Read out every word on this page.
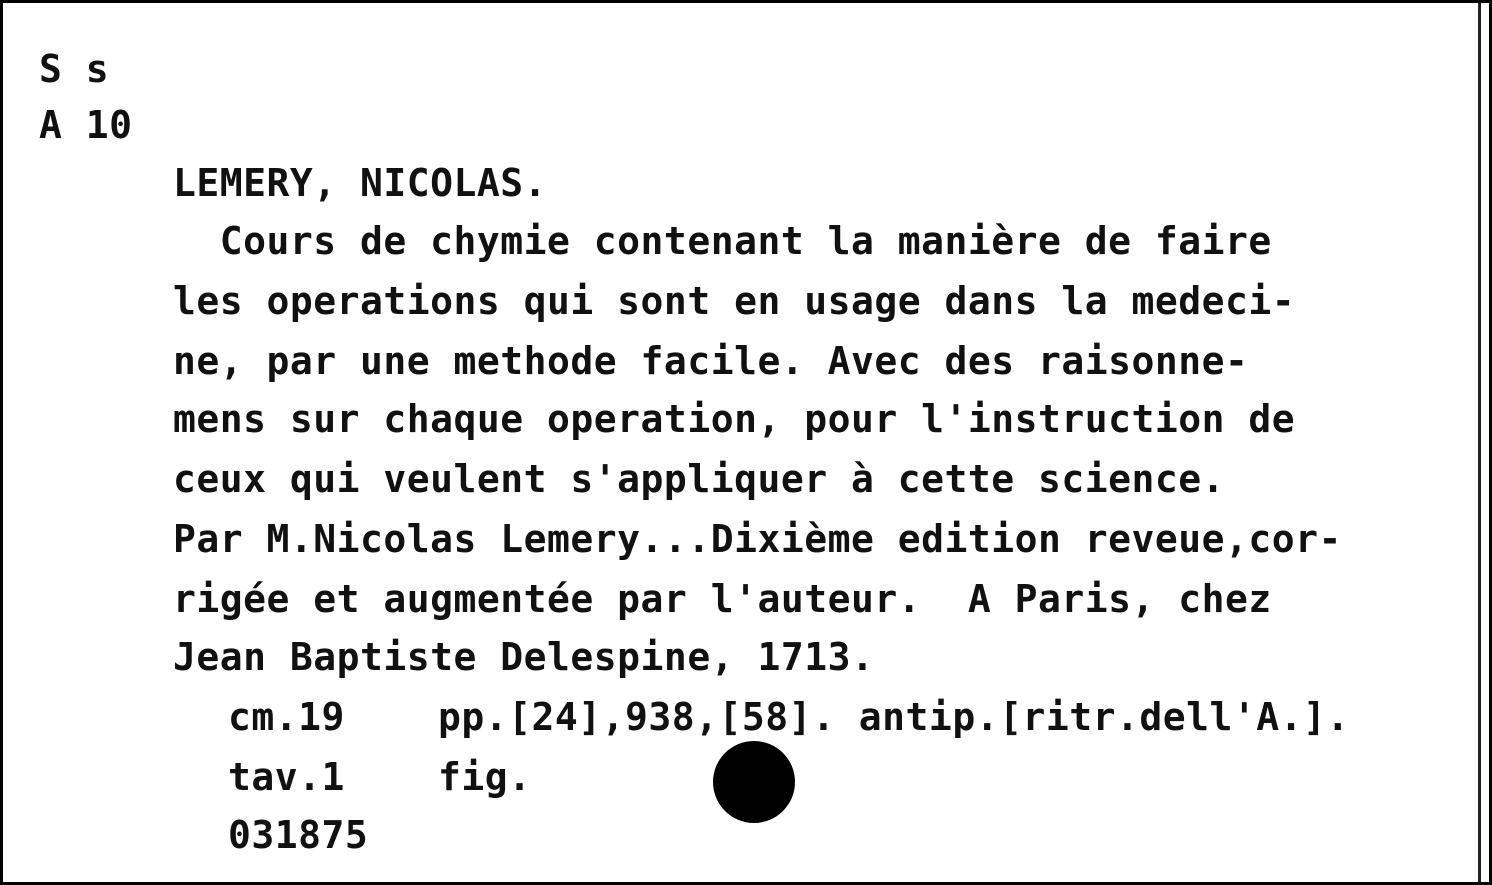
S s
A 10
LEMERY, NICOLAS.
Cours de chymie contenant la manière de faire
les operations qui sont en usage dans la medeci-
ne, par une methode facile. Avec des raisonne-
mens sur chaque operation, pour l'instruction de
ceux qui veulent s'appliquer à cette science.
Par M.Nicolas Lemery...Dixième edition reveue,cor-
rigée et augmentée par l'auteur.  A Paris, chez
Jean Baptiste Delespine, 1713.
cm.19 pp.[24],938,[58]. antip.[ritr.dell'A.].
tav.1 fig.
031875
